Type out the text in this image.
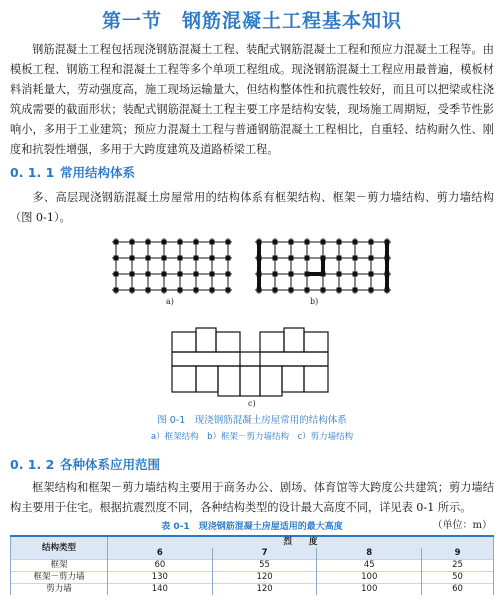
第一节　钢筋混凝土工程基本知识

钢筋混凝土工程包括现浇钢筋混凝土工程、装配式钢筋混凝土工程和预应力混凝土工程等。由模板工程、钢筋工程和混凝土工程等多个单项工程组成。现浇钢筋混凝土工程应用最普遍，模板材料消耗量大，劳动强度高，施工现场运输量大，但结构整体性和抗震性较好，而且可以把梁或柱浇筑成需要的截面形状；装配式钢筋混凝土工程主要工序是结构安装，现场施工周期短，受季节性影响小，多用于工业建筑；预应力混凝土工程与普通钢筋混凝土工程相比，自重轻、结构耐久性、刚度和抗裂性增强，多用于大跨度建筑及道路桥梁工程。

0. 1. 1 常用结构体系

多、高层现浇钢筋混凝土房屋常用的结构体系有框架结构、框架－剪力墙结构、剪力墙结构（图 0-1）。

a)	b)
c)
图 0-1　现浇钢筋混凝土房屋常用的结构体系
a）框架结构　b）框架－剪力墙结构　c）剪力墙结构
0. 1. 2 各种体系应用范围

框架结构和框架－剪力墙结构主要用于商务办公、剧场、体育馆等大跨度公共建筑；剪力墙结构主要用于住宅。根据抗震烈度不同，各种结构类型的设计最大高度不同，详见表 0-1 所示。

表 0-1　现浇钢筋混凝土房屋适用的最大高度	（单位：m）
结构类型	烈　　度			
	6	7	8	9
框架	60	55	45	25
框架－剪力墙	130	120	100	50
剪力墙	140	120	100	60
